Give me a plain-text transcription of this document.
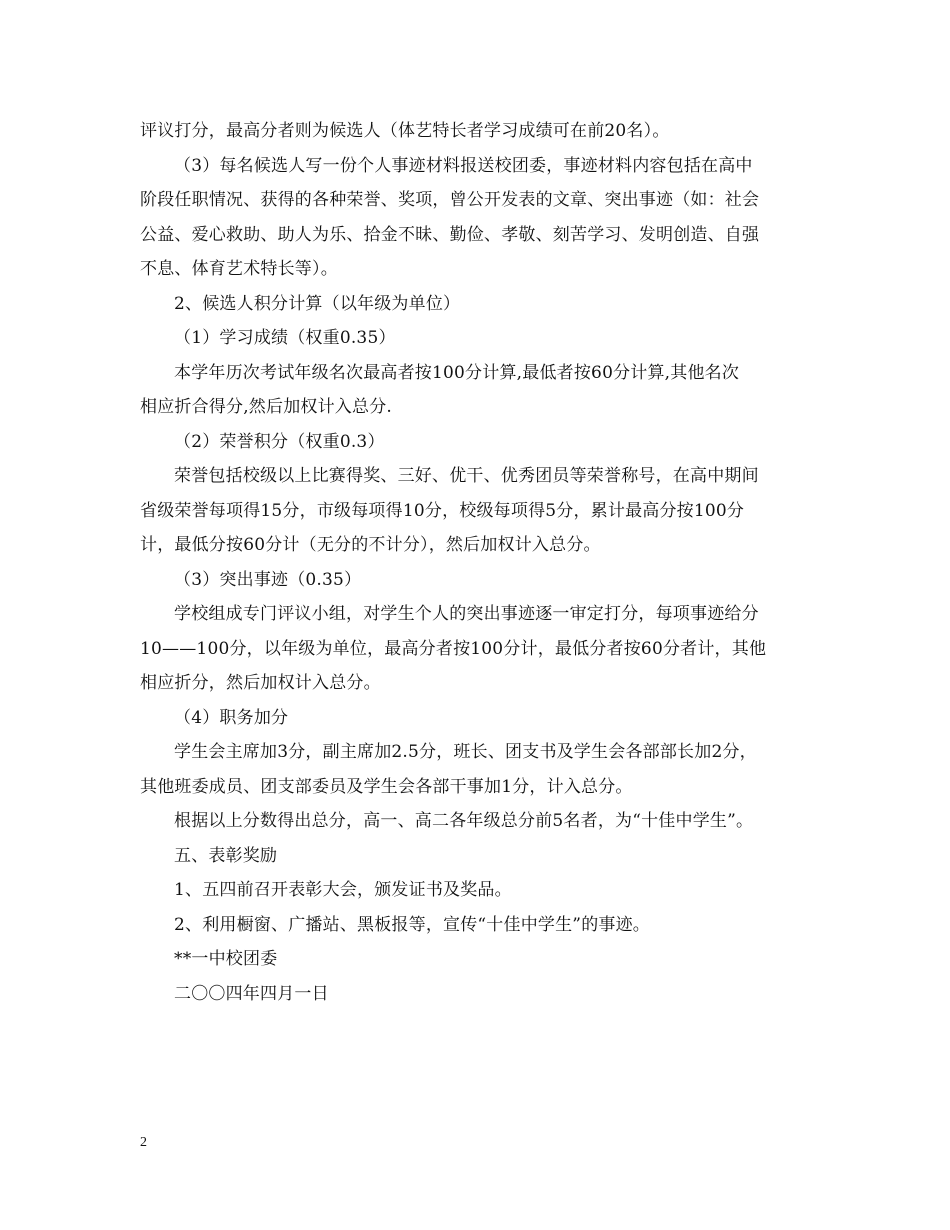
评议打分，最高分者则为候选人（体艺特长者学习成绩可在前20名）。
（3）每名候选人写一份个人事迹材料报送校团委，事迹材料内容包括在高中
阶段任职情况、获得的各种荣誉、奖项，曾公开发表的文章、突出事迹（如：社会
公益、爱心救助、助人为乐、拾金不昧、勤俭、孝敬、刻苦学习、发明创造、自强
不息、体育艺术特长等）。
2、候选人积分计算（以年级为单位）
（1）学习成绩（权重0.35）
本学年历次考试年级名次最高者按100分计算,最低者按60分计算,其他名次
相应折合得分,然后加权计入总分.
（2）荣誉积分（权重0.3）
荣誉包括校级以上比赛得奖、三好、优干、优秀团员等荣誉称号，在高中期间
省级荣誉每项得15分，市级每项得10分，校级每项得5分，累计最高分按100分
计，最低分按60分计（无分的不计分），然后加权计入总分。
（3）突出事迹（0.35）
学校组成专门评议小组，对学生个人的突出事迹逐一审定打分，每项事迹给分
10——100分，以年级为单位，最高分者按100分计，最低分者按60分者计，其他
相应折分，然后加权计入总分。
（4）职务加分
学生会主席加3分，副主席加2.5分，班长、团支书及学生会各部部长加2分，
其他班委成员、团支部委员及学生会各部干事加1分，计入总分。
根据以上分数得出总分，高一、高二各年级总分前5名者，为“十佳中学生”。
五、表彰奖励
1、五四前召开表彰大会，颁发证书及奖品。
2、利用橱窗、广播站、黑板报等，宣传“十佳中学生”的事迹。
**一中校团委
二〇〇四年四月一日
2
